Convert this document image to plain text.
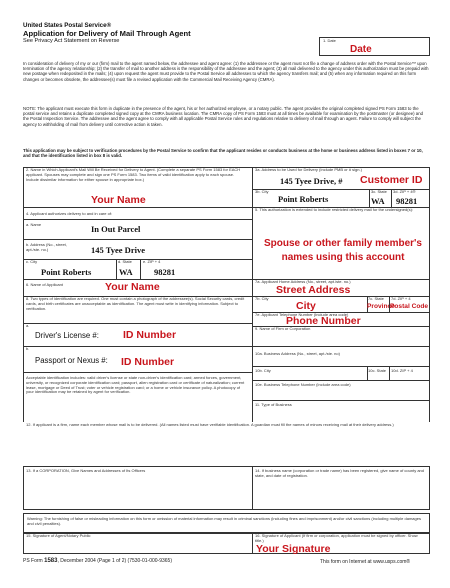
United States Postal Service®
Application for Delivery of Mail Through Agent
See Privacy Act Statement on Reverse	1. Date
Date
In consideration of delivery of my or our (firm) mail to the agent named below, the addressee and agent agree: (1) the addressee or the agent must not file a change of address order with the Postal Service™ upon termination of the agency relationship; (2) the transfer of mail to another address is the responsibility of the addressee and the agent; (3) all mail delivered to the agency under this authorization must be prepaid with new postage when redeposited in the mails; (4) upon request the agent must provide to the Postal Service all addresses to which the agency transfers mail; and (5) when any information required on this form changes or becomes obsolete, the addressee(s) must file a revised application with the Commercial Mail Receiving Agency (CMRA).
NOTE: The applicant must execute this form in duplicate in the presence of the agent, his or her authorized employee, or a notary public. The agent provides the original completed signed PS Form 1583 to the postal service and retains a duplicate completed signed copy at the CMRA business location. The CMRA copy of PS Form 1583 must at all times be available for examination by the postmaster (or designee) and the Postal Inspection Service. The addressee and the agent agree to comply with all applicable Postal Service rules and regulations relative to delivery of mail through an agent. Failure to comply will subject the agency to withholding of mail from delivery until corrective action is taken.
This application may be subject to verification procedures by the Postal Service to confirm that the applicant resides or conducts business at the home or business address listed in boxes 7 or 10, and that the identification listed in box 8 is valid.
2. Name in Which Applicant's Mail Will Be Received for Delivery to Agent. (Complete a separate PS Form 1583 for EACH applicant. Spouses may complete and sign one PS Form 1583. Two items of valid identification apply to each spouse. Include dissimilar information for either spouse in appropriate box.)
Your Name
4. Applicant authorizes delivery to and in care of:
a. Name	In Out Parcel
b. Address (No., street, apt./ste. no.)	145 Tyee Drive
c. City
Point Roberts
d. State
WA
e. ZIP + 4
98281
6. Name of Applicant	Your Name
8. Two types of identification are required. One must contain a photograph of the addressee(s). Social Security cards, credit cards, and birth certificates are unacceptable as identification. The agent must write in identifying information. Subject to verification.
a.
Driver's License #: ID Number
b.
Passport or Nexus #: ID Number
Acceptable identification includes: valid driver's license or state non-driver's identification card; armed forces, government, university, or recognized corporate identification card; passport, alien registration card or certificate of naturalization; current lease, mortgage or Deed of Trust; voter or vehicle registration card; or a home or vehicle insurance policy. A photocopy of your identification may be retained by agent for verification.
3a. Address to be Used for Delivery (Include PMB or # sign.)
145 Tyee Drive, # Customer ID
3b. City
Point Roberts
3c. State
WA
3d. ZIP + 4®
98281
5. This authorization is extended to include restricted delivery mail for the undersigned(s):
Spouse or other family member's names using this account
7a. Applicant Home Address (No., street, apt./ste. no.)
Street Address
7b. City
City
7c. State
Province
7d. ZIP + 4
Postal Code
7e. Applicant Telephone Number (Include area code)
Phone Number
9. Name of Firm or Corporation
10a. Business Address (No., street, apt./ste. no)
10b. City	10c. State 10d. ZIP + 4
10e. Business Telephone Number (Include area code)
11. Type of Business
12. If applicant is a firm, name each member whose mail is to be delivered. (All names listed must have verifiable identification. A guardian must fill the names of minors receiving mail at their delivery address.)
13. If a CORPORATION, Give Names and Addresses of Its Officers	14. If business name (corporation or trade name) has been registered, give name of county and state, and date of registration.
Warning: The furnishing of false or misleading information on this form or omission of material information may result in criminal sanctions (including fines and imprisonment) and/or civil sanctions (including multiple damages and civil penalties).
15. Signature of Agent/Notary Public	16. Signature of Applicant (If firm or corporation, application must be signed by officer. Show title.)
Your Signature
PS Form 1583, December 2004 (Page 1 of 2) (7530-01-000-9365)	This form on Internet at www.usps.com®
